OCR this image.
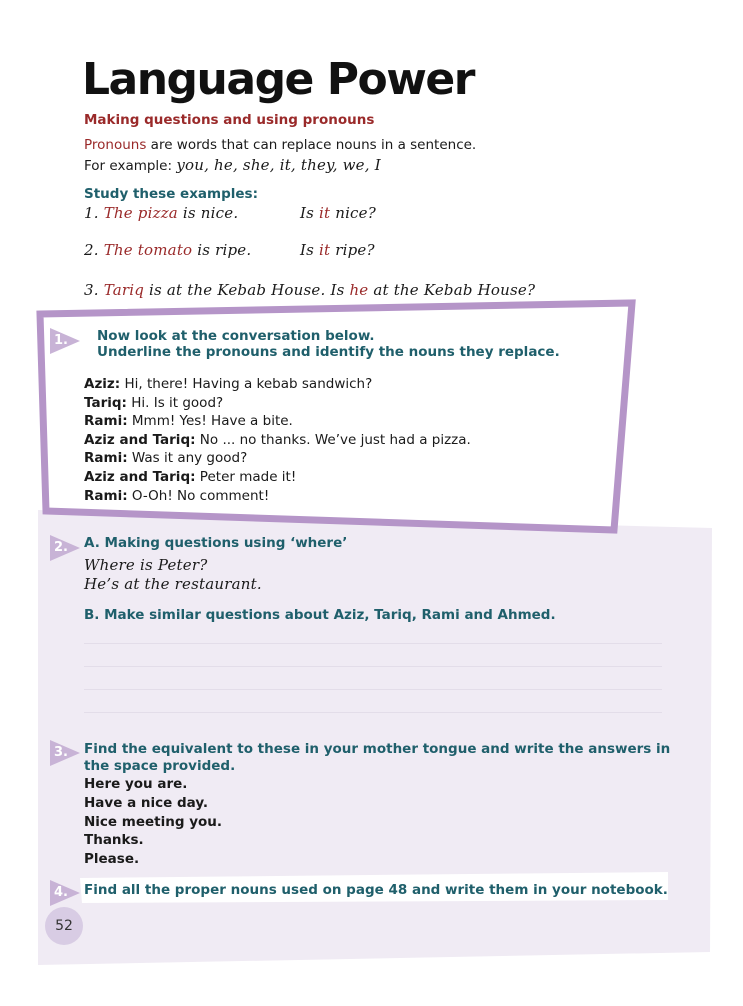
Language Power
Making questions and using pronouns
Pronouns are words that can replace nouns in a sentence.
For example: you, he, she, it, they, we, I
Study these examples:
1. The pizza is nice.	Is it nice?
2. The tomato is ripe.	Is it ripe?
3. Tariq is at the Kebab House. Is he at the Kebab House?
1. Now look at the conversation below.
Underline the pronouns and identify the nouns they replace.
Aziz: Hi, there! Having a kebab sandwich?
Tariq: Hi. Is it good?
Rami: Mmm! Yes! Have a bite.
Aziz and Tariq: No ... no thanks. We’ve just had a pizza.
Rami: Was it any good?
Aziz and Tariq: Peter made it!
Rami: O-Oh! No comment!
2. A. Making questions using ‘where’
Where is Peter?
He’s at the restaurant.
B. Make similar questions about Aziz, Tariq, Rami and Ahmed.
3. Find the equivalent to these in your mother tongue and write the answers in
the space provided.
Here you are.
Have a nice day.
Nice meeting you.
Thanks.
Please.
4. Find all the proper nouns used on page 48 and write them in your notebook.
52
